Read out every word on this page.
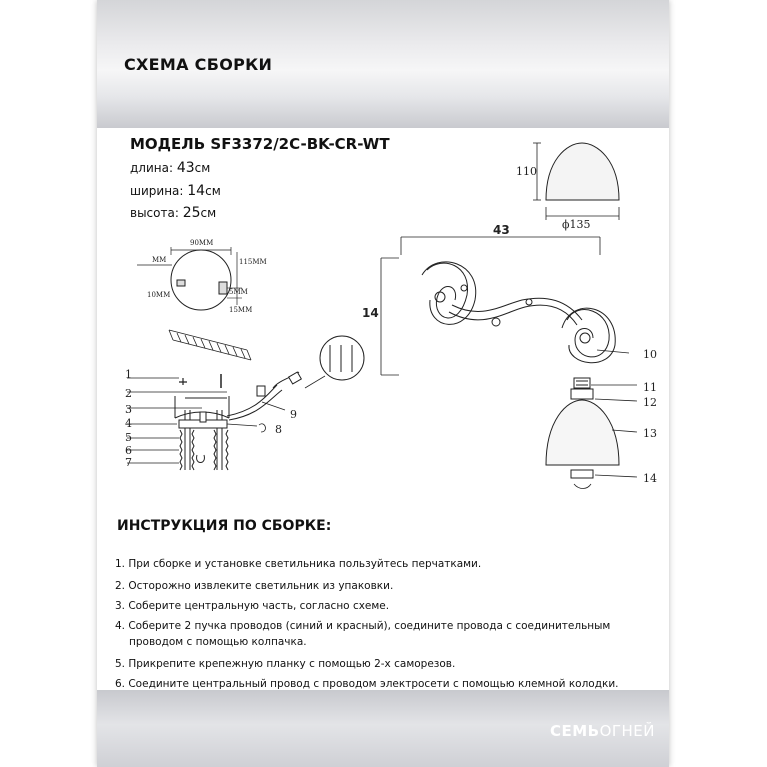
СХЕМА СБОРКИ
МОДЕЛЬ SF3372/2C-BK-CR-WT
длина: 43см
ширина: 14см
высота: 25см
110
ϕ135
43
14
10
11
12
13
14
90MM
115MM
MM
10MM	5MM
15MM
1
2
3
4
5
6
7
8
9
ИНСТРУКЦИЯ ПО СБОРКЕ:
1. При сборке и установке светильника пользуйтесь перчатками.
2. Осторожно извлеките светильник из упаковки.
3. Соберите центральную часть, согласно схеме.
4. Соберите 2 пучка проводов (синий и красный), соедините провода с соединительным
проводом с помощью колпачка.
5. Прикрепите крепежную планку с помощью 2-х саморезов.
6. Соедините центральный провод с проводом электросети с помощью клемной колодки.
СЕМЬОГНЕЙ
